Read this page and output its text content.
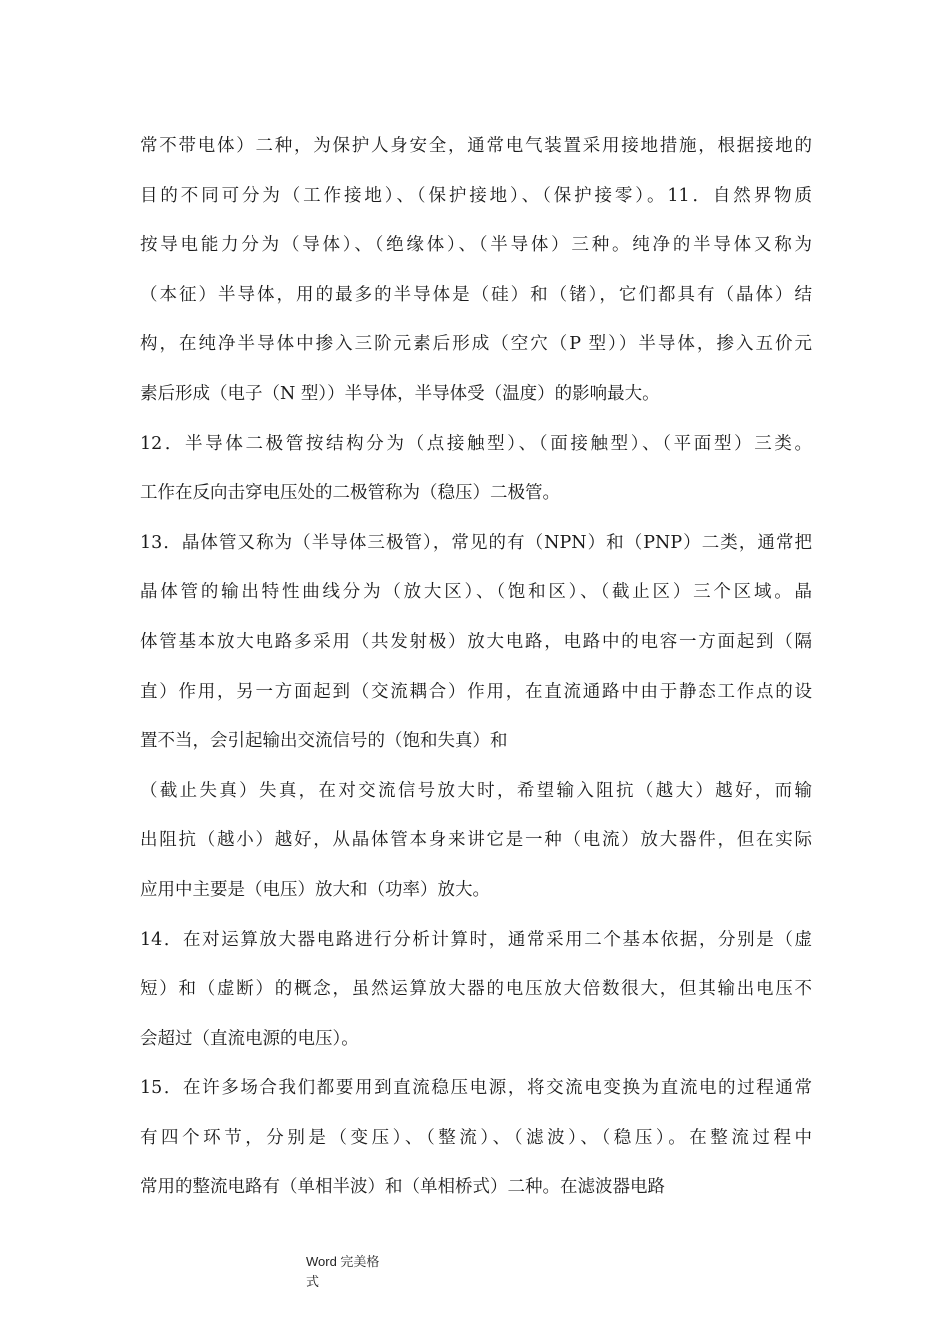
常不带电体）二种，为保护人身安全，通常电气装置采用接地措施，根据接地的
目的不同可分为（工作接地）、（保护接地）、（保护接零）。11．自然界物质
按导电能力分为（导体）、（绝缘体）、（半导体）三种。纯净的半导体又称为
（本征）半导体，用的最多的半导体是（硅）和（锗），它们都具有（晶体）结
构，在纯净半导体中掺入三阶元素后形成（空穴（P 型））半导体，掺入五价元
素后形成（电子（N 型））半导体，半导体受（温度）的影响最大。
12．半导体二极管按结构分为（点接触型）、（面接触型）、（平面型）三类。
工作在反向击穿电压处的二极管称为（稳压）二极管。
13．晶体管又称为（半导体三极管），常见的有（NPN）和（PNP）二类，通常把
晶体管的输出特性曲线分为（放大区）、（饱和区）、（截止区）三个区域。晶
体管基本放大电路多采用（共发射极）放大电路，电路中的电容一方面起到（隔
直）作用，另一方面起到（交流耦合）作用，在直流通路中由于静态工作点的设
置不当，会引起输出交流信号的（饱和失真）和
（截止失真）失真，在对交流信号放大时，希望输入阻抗（越大）越好，而输
出阻抗（越小）越好，从晶体管本身来讲它是一种（电流）放大器件，但在实际
应用中主要是（电压）放大和（功率）放大。
14．在对运算放大器电路进行分析计算时，通常采用二个基本依据，分别是（虚
短）和（虚断）的概念，虽然运算放大器的电压放大倍数很大，但其输出电压不
会超过（直流电源的电压）。
15．在许多场合我们都要用到直流稳压电源，将交流电变换为直流电的过程通常
有四个环节，分别是（变压）、（整流）、（滤波）、（稳压）。在整流过程中
常用的整流电路有（单相半波）和（单相桥式）二种。在滤波器电路
Word 完美格
式
